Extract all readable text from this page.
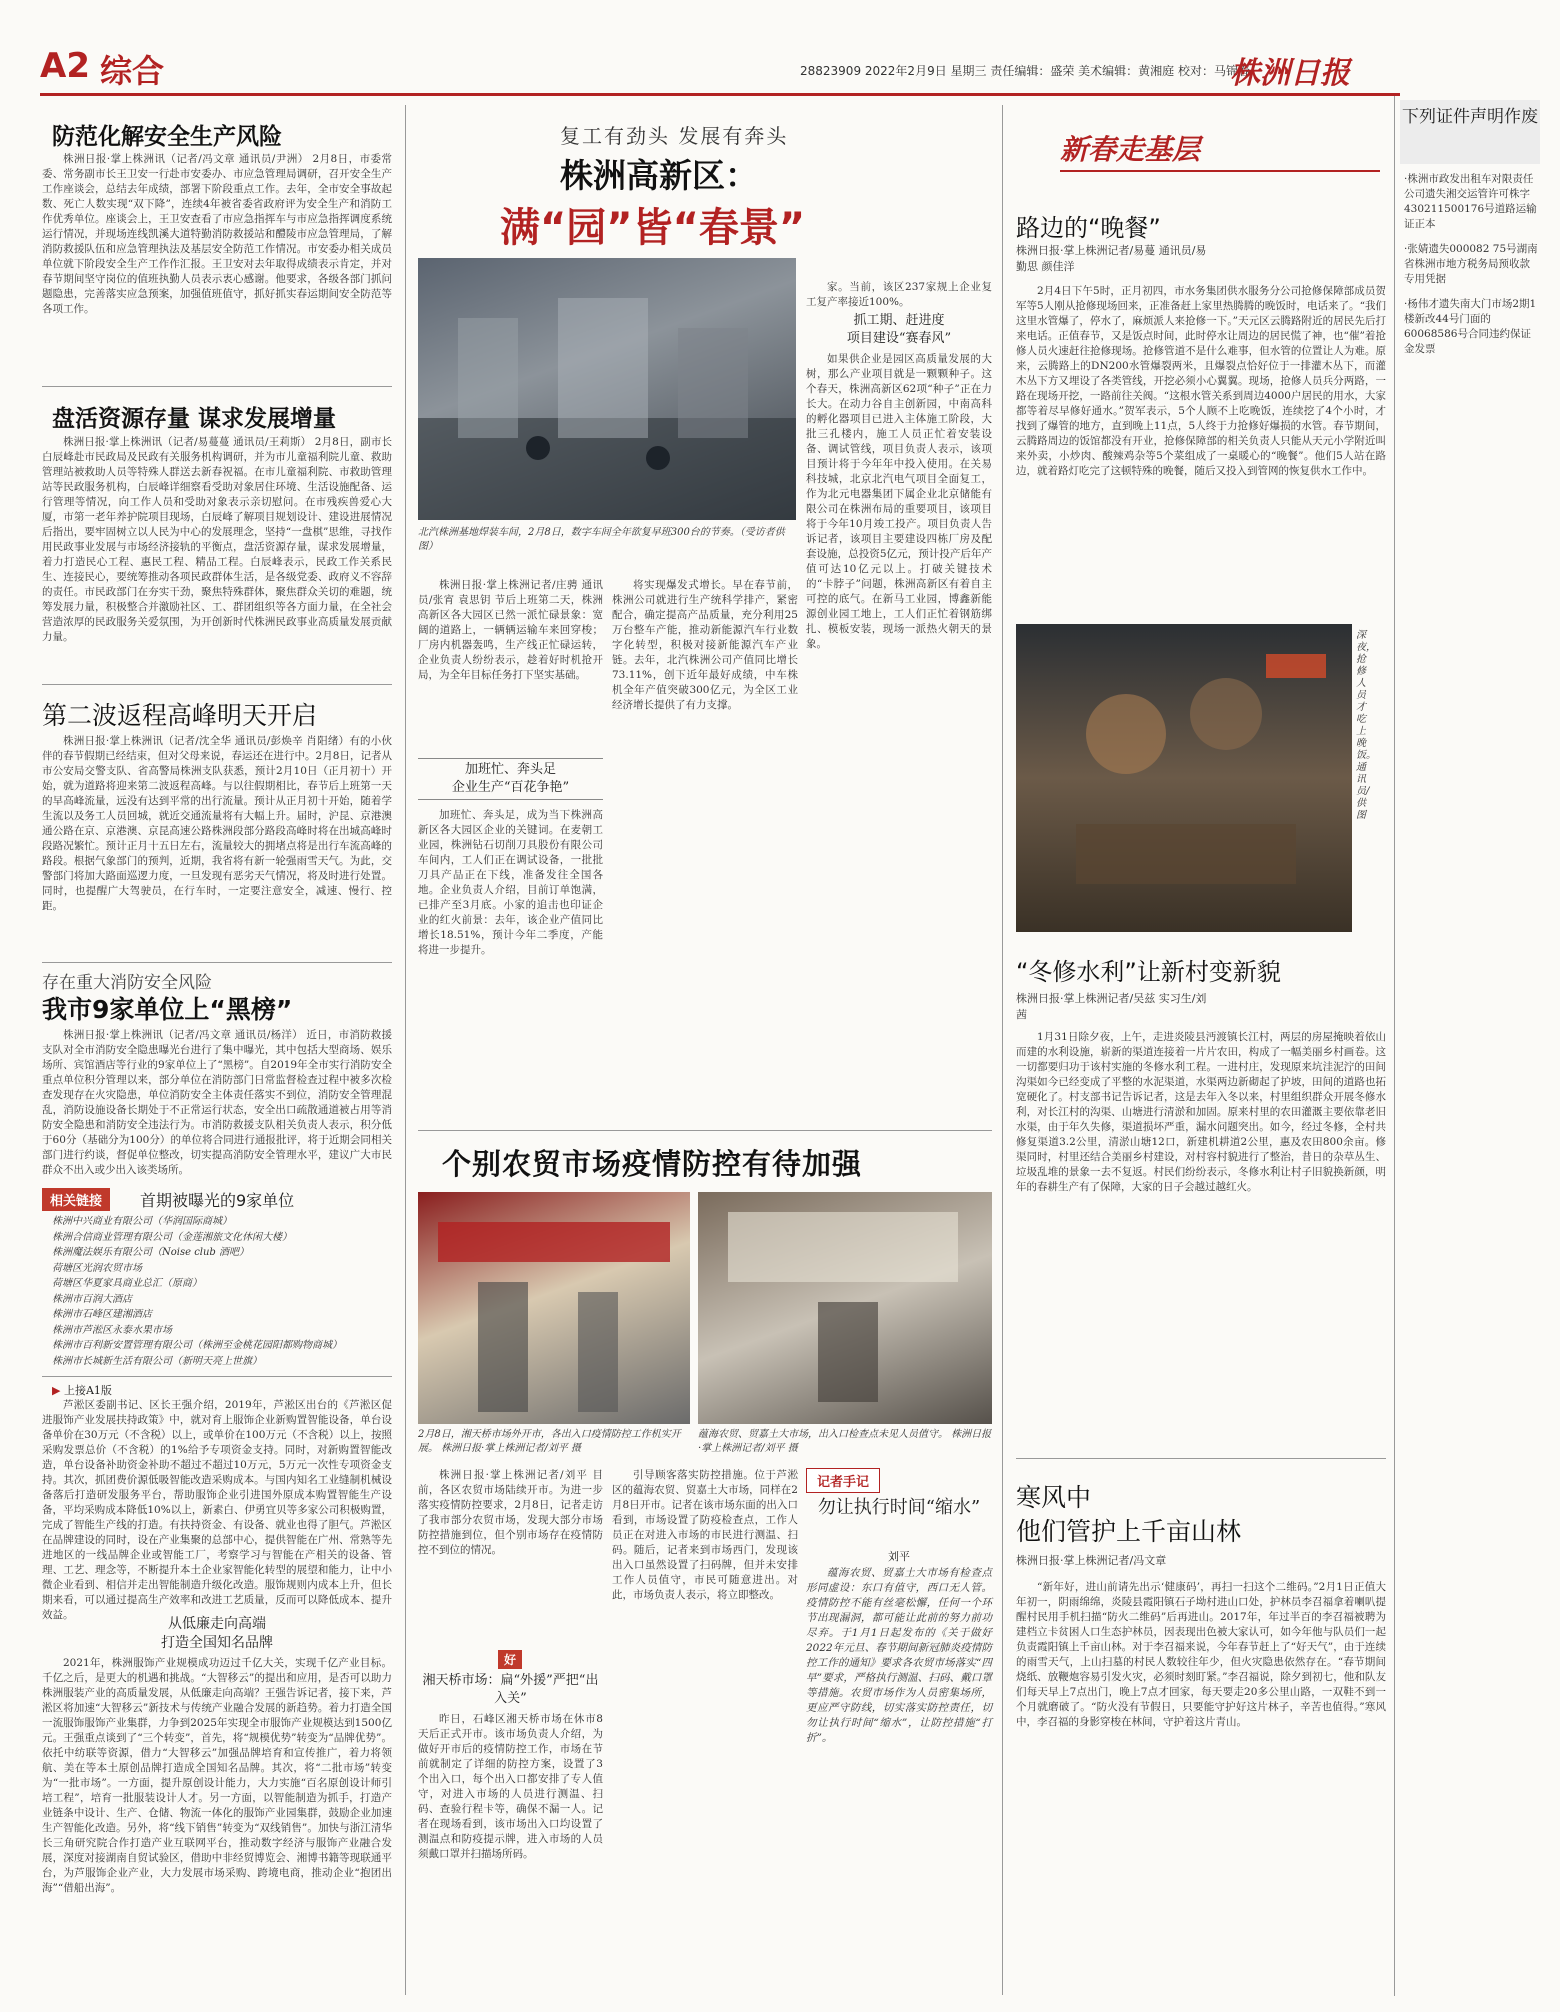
A2 综合	28823909 2022年2月9日 星期三 责任编辑：盛荣 美术编辑：黄湘庭 校对：马锦春
株洲日报
防范化解安全生产风险

株洲日报·掌上株洲讯（记者/冯文章 通讯员/尹洲） 2月8日，市委常委、常务副市长王卫安一行赴市安委办、市应急管理局调研，召开安全生产工作座谈会，总结去年成绩，部署下阶段重点工作。去年，全市安全事故起数、死亡人数实现“双下降”，连续4年被省委省政府评为安全生产和消防工作优秀单位。座谈会上，王卫安查看了市应急指挥车与市应急指挥调度系统运行情况，并现场连线凯溪大道特勤消防救援站和醴陵市应急管理局，了解消防救援队伍和应急管理执法及基层安全防范工作情况。市安委办相关成员单位就下阶段安全生产工作作汇报。王卫安对去年取得成绩表示肯定，并对春节期间坚守岗位的值班执勤人员表示衷心感谢。他要求，各级各部门抓问题隐患，完善落实应急预案，加强值班值守，抓好抓实春运期间安全防范等各项工作。

盘活资源存量 谋求发展增量

株洲日报·掌上株洲讯（记者/易蔓蔓 通讯员/王莉斯） 2月8日，副市长白辰峰赴市民政局及民政有关服务机构调研，并为市儿童福利院儿童、救助管理站被救助人员等特殊人群送去新春祝福。在市儿童福利院、市救助管理站等民政服务机构，白辰峰详细察看受助对象居住环境、生活设施配备、运行管理等情况，向工作人员和受助对象表示亲切慰问。在市残疾兽爱心大厦，市第一老年养护院项目现场，白辰峰了解项目规划设计、建设进展情况后指出，要牢固树立以人民为中心的发展理念，坚持“一盘棋”思维，寻找作用民政事业发展与市场经济接轨的平衡点，盘活资源存量，谋求发展增量，着力打造民心工程、惠民工程、精品工程。白辰峰表示，民政工作关系民生、连接民心，要统筹推动各项民政群体生活，是各级党委、政府义不容辞的责任。市民政部门在夯实干劲，聚焦特殊群体，聚焦群众关切的难题，统筹发展力量，积极整合并激励社区、工、群团组织等各方面力量，在全社会营造浓厚的民政服务关爱氛围，为开创新时代株洲民政事业高质量发展贡献力量。

第二波返程高峰明天开启

株洲日报·掌上株洲讯（记者/沈全华 通讯员/彭焕辛 肖阳绪）有的小伙伴的春节假期已经结束，但对父母来说，春运还在进行中。2月8日，记者从市公安局交警支队、省高警局株洲支队获悉，预计2月10日（正月初十）开始，就为道路将迎来第二波返程高峰。与以往假期相比，春节后上班第一天的早高峰流量，远没有达到平常的出行流量。预计从正月初十开始，随着学生流以及务工人员回城，就近交通流量将有大幅上升。届时，沪昆、京港澳通公路在京、京港澳、京昆高速公路株洲段部分路段高峰时将在出城高峰时段路况繁忙。预计正月十五日左右，流量较大的拥堵点将是出行车流高峰的路段。根据气象部门的预判，近期，我省将有新一轮强雨雪天气。为此，交警部门将加大路面巡逻力度，一旦发现有恶劣天气情况，将及时进行处置。同时，也提醒广大驾驶员，在行车时，一定要注意安全，减速、慢行、控距。

存在重大消防安全风险
我市9家单位上“黑榜”

株洲日报·掌上株洲讯（记者/冯文章 通讯员/杨洋） 近日，市消防救援支队对全市消防安全隐患曝光台进行了集中曝光，其中包括大型商场、娱乐场所、宾馆酒店等行业的9家单位上了“黑榜”。自2019年全市实行消防安全重点单位积分管理以来，部分单位在消防部门日常监督检查过程中被多次检查发现存在火灾隐患，单位消防安全主体责任落实不到位，消防安全管理混乱，消防设施设备长期处于不正常运行状态，安全出口疏散通道被占用等消防安全隐患和消防安全违法行为。市消防救援支队相关负责人表示，积分低于60分（基础分为100分）的单位将合同进行通报批评，将于近期会同相关部门进行约谈，督促单位整改，切实提高消防安全管理水平，建议广大市民群众不出入或少出入该类场所。

相关链接	首期被曝光的9家单位
株洲中兴商业有限公司（华润国际商城）
株洲合信商业管理有限公司（金莲湘旅文化休闲大楼）
株洲魔法娱乐有限公司（Noise club 酒吧）
荷塘区光润农贸市场
荷塘区华夏家具商业总汇（原商）
株洲市百润大酒店
株洲市石峰区建湘酒店
株洲市芦淞区永泰水果市场
株洲市百利新安置管理有限公司（株洲至金桃花园阳都购物商城）
株洲市长城新生活有限公司（新明天亮上世旗）
▶ 上接A1版

芦淞区委副书记、区长王强介绍，2019年，芦淞区出台的《芦淞区促进服饰产业发展扶持政策》中，就对育上服饰企业新购置智能设备，单台设备单价在30万元（不含税）以上，或单价在100万元（不含税）以上，按照采购发票总价（不含税）的1%给予专项资金支持。同时，对新购置智能改造，单台设备补助资金补助不超过不超过10万元，5万元一次性专项资金支持。其次，抓团费价源低吸智能改造采购成本。与国内知名工业缝制机械设备落后打造研发服务平台，帮助服饰企业引进国外原成本购置智能生产设备，平均采购成本降低10%以上，新素白、伊勇宜贝等多家公司积极购置，完成了智能生产线的打造。有扶持资金、有设备、就业也得了胆气。芦淞区在品牌建设的同时，设在产业集聚的总部中心，提供智能在广州、常熟等先进地区的一线品牌企业或智能工厂，考察学习与智能在产相关的设备、管理、工艺、理念等，不断提升本土企业家智能化转型的展望和能力，让中小微企业看到、相信并走出智能制造升级化改造。服饰规则内成本上升，但长期来看，可以通过提高生产效率和改进工艺质量，反而可以降低成本、提升效益。

从低廉走向高端
打造全国知名品牌

2021年，株洲服饰产业规模成功迈过千亿大关，实现千亿产业目标。千亿之后，是更大的机遇和挑战。“大智移云”的提出和应用，是否可以助力株洲服装产业的高质量发展，从低廉走向高端？王强告诉记者，接下来，芦淞区将加速“大智移云”新技术与传统产业融合发展的新趋势。着力打造全国一流服饰服饰产业集群，力争到2025年实现全市服饰产业规模达到1500亿元。王强重点谈到了“三个转变”，首先，将“规模优势”转变为“品牌优势”。依托中纺联等资源，借力“大智移云”加强品牌培育和宣传推广，着力将领航、美在等本土原创品牌打造成全国知名品牌。其次，将“二批市场”转变为“一批市场”。一方面，提升原创设计能力，大力实施“百名原创设计师引培工程”，培育一批服装设计人才。另一方面，以智能制造为抓手，打造产业链条中设计、生产、仓储、物流一体化的服饰产业园集群，鼓励企业加速生产智能化改造。另外，将“线下销售”转变为“双线销售”。加快与浙江清华长三角研究院合作打造产业互联网平台，推动数字经济与服饰产业融合发展，深度对接湖南自贸试验区，借助中非经贸博览会、湘博书籍等现联通平台，为芦服饰企业产业，大力发展市场采购、跨境电商，推动企业“抱团出海”“借船出海”。

复工有劲头 发展有奔头
株洲高新区：
满“园”皆“春景”
北汽株洲基地焊装车间，2月8日，数字车间全年欲复早班300台的节奏。（受访者供图）

株洲日报·掌上株洲记者/庄骋 通讯员/张宵 袁思钥 节后上班第二天，株洲高新区各大园区已然一派忙碌景象：宽阔的道路上，一辆辆运输车来回穿梭；厂房内机器轰鸣，生产线正忙碌运转，企业负责人纷纷表示，趁着好时机抢开局，为全年目标任务打下坚实基础。

加班忙、奔头足
企业生产“百花争艳”

加班忙、奔头足，成为当下株洲高新区各大园区企业的关键词。在麦朝工业园，株洲钻石切削刀具股份有限公司车间内，工人们正在调试设备，一批批刀具产品正在下线，准备发往全国各地。企业负责人介绍，目前订单饱满，已排产至3月底。小家的追击也印证企业的红火前景：去年，该企业产值同比增长18.51%，预计今年二季度，产能将进一步提升。

将实现爆发式增长。早在春节前，株洲公司就进行生产统科学排产，紧密配合，确定提高产品质量，充分利用25万台整车产能，推动新能源汽车行业数字化转型，积极对接新能源汽车产业链。去年，北汽株洲公司产值同比增长73.11%，创下近年最好成绩，中车株机全年产值突破300亿元，为全区工业经济增长提供了有力支撑。

家。当前，该区237家规上企业复工复产率接近100%。

抓工期、赶进度
项目建设“赛春风”

如果供企业是园区高质量发展的大树，那么产业项目就是一颗颗种子。这个春天，株洲高新区62项“种子”正在力长大。在动力谷自主创新园，中南高科的孵化器项目已进入主体施工阶段，大批三孔楼内，施工人员正忙着安装设备、调试管线，项目负责人表示，该项目预计将于今年年中投入使用。在关易科技城，北京北汽电气项目全面复工，作为北元电器集团下属企业北京储能有限公司在株洲布局的重要项目，该项目将于今年10月竣工投产。项目负责人告诉记者，该项目主要建设四栋厂房及配套设施，总投资5亿元，预计投产后年产值可达10亿元以上。打破关键技术的“卡脖子”问题，株洲高新区有着自主可控的底气。在新马工业园，博鑫新能源创业园工地上，工人们正忙着钢筋绑扎、模板安装，现场一派热火朝天的景象。

个别农贸市场疫情防控有待加强
2月8日，湘天桥市场外开市，各出入口疫情防控工作机实开展。 株洲日报·掌上株洲记者/刘平 摄
蕴海农贸、贸嘉土大市场，出入口检查点未见人员值守。 株洲日报·掌上株洲记者/刘平 摄

株洲日报·掌上株洲记者/刘平 目前，各区农贸市场陆续开市。为进一步落实疫情防控要求，2月8日，记者走访了我市部分农贸市场，发现大部分市场防控措施到位，但个别市场存在疫情防控不到位的情况。

好
湘天桥市场：扁“外援”严把“出入关”

昨日，石峰区湘天桥市场在休市8天后正式开市。该市场负责人介绍，为做好开市后的疫情防控工作，市场在节前就制定了详细的防控方案，设置了3个出入口，每个出入口都安排了专人值守，对进入市场的人员进行测温、扫码、查验行程卡等，确保不漏一人。记者在现场看到，该市场出入口均设置了测温点和防疫提示牌，进入市场的人员须戴口罩并扫描场所码。

引导顾客落实防控措施。位于芦淞区的蕴海农贸、贸嘉土大市场，同样在2月8日开市。记者在该市场东面的出入口看到，市场设置了防疫检查点，工作人员正在对进入市场的市民进行测温、扫码。随后，记者来到市场西门，发现该出入口虽然设置了扫码牌，但并未安排工作人员值守，市民可随意进出。对此，市场负责人表示，将立即整改。

记者手记
勿让执行时间“缩水”
刘平

蕴海农贸、贸嘉土大市场有检查点形同虚设：东口有值守，西口无人管。疫情防控不能有丝毫松懈，任何一个环节出现漏洞，都可能让此前的努力前功尽弃。于1月1日起发布的《关于做好2022年元旦、春节期间新冠肺炎疫情防控工作的通知》要求各农贸市场落实“四早”要求，严格执行测温、扫码、戴口罩等措施。农贸市场作为人员密集场所，更应严守防线，切实落实防控责任，切勿让执行时间“缩水”，让防控措施“打折”。

新春走基层
路边的“晚餐”
株洲日报·掌上株洲记者/易蔓 通讯员/易勤思 颜佳洋

2月4日下午5时，正月初四，市水务集团供水服务分公司抢修保障部成员贺军等5人刚从抢修现场回来，正准备赶上家里热腾腾的晚饭时，电话来了。“我们这里水管爆了，停水了，麻烦派人来抢修一下。”天元区云腾路附近的居民先后打来电话。正值春节，又是饭点时间，此时停水让周边的居民慌了神，也“催”着抢修人员火速赶往抢修现场。抢修管道不是什么难事，但水管的位置让人为难。原来，云腾路上的DN200水管爆裂两米，且爆裂点恰好位于一排灌木丛下，而灌木丛下方又埋设了各类管线，开挖必须小心翼翼。现场，抢修人员兵分两路，一路在现场开挖，一路前往关阀。“这根水管关系到周边4000户居民的用水，大家都等着尽早修好通水。”贺军表示，5个人顾不上吃晚饭，连续挖了4个小时，才找到了爆管的地方，直到晚上11点，5人终于力抢修好爆损的水管。春节期间，云腾路周边的饭馆都没有开业，抢修保障部的相关负责人只能从天元小学附近叫来外卖，小炒肉、酸辣鸡杂等5个菜组成了一桌暖心的“晚餐”。他们5人站在路边，就着路灯吃完了这顿特殊的晚餐，随后又投入到管网的恢复供水工作中。

深夜，抢修人员才吃上晚饭。通讯员/供图
“冬修水利”让新村变新貌
株洲日报·掌上株洲记者/吴兹 实习生/刘茜

1月31日除夕夜，上午，走进炎陵县沔渡镇长江村，两层的房屋掩映着依山而建的水利设施，崭新的渠道连接着一片片农田，构成了一幅美丽乡村画卷。这一切都要归功于该村实施的冬修水利工程。一进村庄，发现原来坑洼泥泞的田间沟渠如今已经变成了平整的水泥渠道，水渠两边新砌起了护坡，田间的道路也拓宽硬化了。村支部书记告诉记者，这是去年入冬以来，村里组织群众开展冬修水利，对长江村的沟渠、山塘进行清淤和加固。原来村里的农田灌溉主要依靠老旧水渠，由于年久失修，渠道损坏严重，漏水问题突出。如今，经过冬修，全村共修复渠道3.2公里，清淤山塘12口，新建机耕道2公里，惠及农田800余亩。修渠同时，村里还结合美丽乡村建设，对村容村貌进行了整治，昔日的杂草丛生、垃圾乱堆的景象一去不复返。村民们纷纷表示，冬修水利让村子旧貌换新颜，明年的春耕生产有了保障，大家的日子会越过越红火。

寒风中
他们管护上千亩山林
株洲日报·掌上株洲记者/冯文章

“新年好，进山前请先出示‘健康码’，再扫一扫这个二维码。”2月1日正值大年初一，阴雨绵绵，炎陵县霞阳镇石子坳村进山口处，护林员李召福拿着喇叭提醒村民用手机扫描“防火二维码”后再进山。2017年，年过半百的李召福被聘为建档立卡贫困人口生态护林员，因表现出色被大家认可，如今年他与队员们一起负责霞阳镇上千亩山林。对于李召福来说，今年春节赶上了“好天气”，由于连续的雨雪天气，上山扫墓的村民人数较往年少，但火灾隐患依然存在。“春节期间烧纸、放鞭炮容易引发火灾，必须时刻盯紧。”李召福说，除夕到初七，他和队友们每天早上7点出门，晚上7点才回家，每天要走20多公里山路，一双鞋不到一个月就磨破了。“防火没有节假日，只要能守护好这片林子，辛苦也值得。”寒风中，李召福的身影穿梭在林间，守护着这片青山。

下列证件声明作废
·株洲市政发出租车对限责任公司遗失湘交运管许可株字430211500176号道路运输证正本
·张婧遗失000082 75号湖南省株洲市地方税务局预收款专用凭据
·杨伟才遗失南大门市场2期1楼新改44号门面的60068586号合同违约保证金发票
